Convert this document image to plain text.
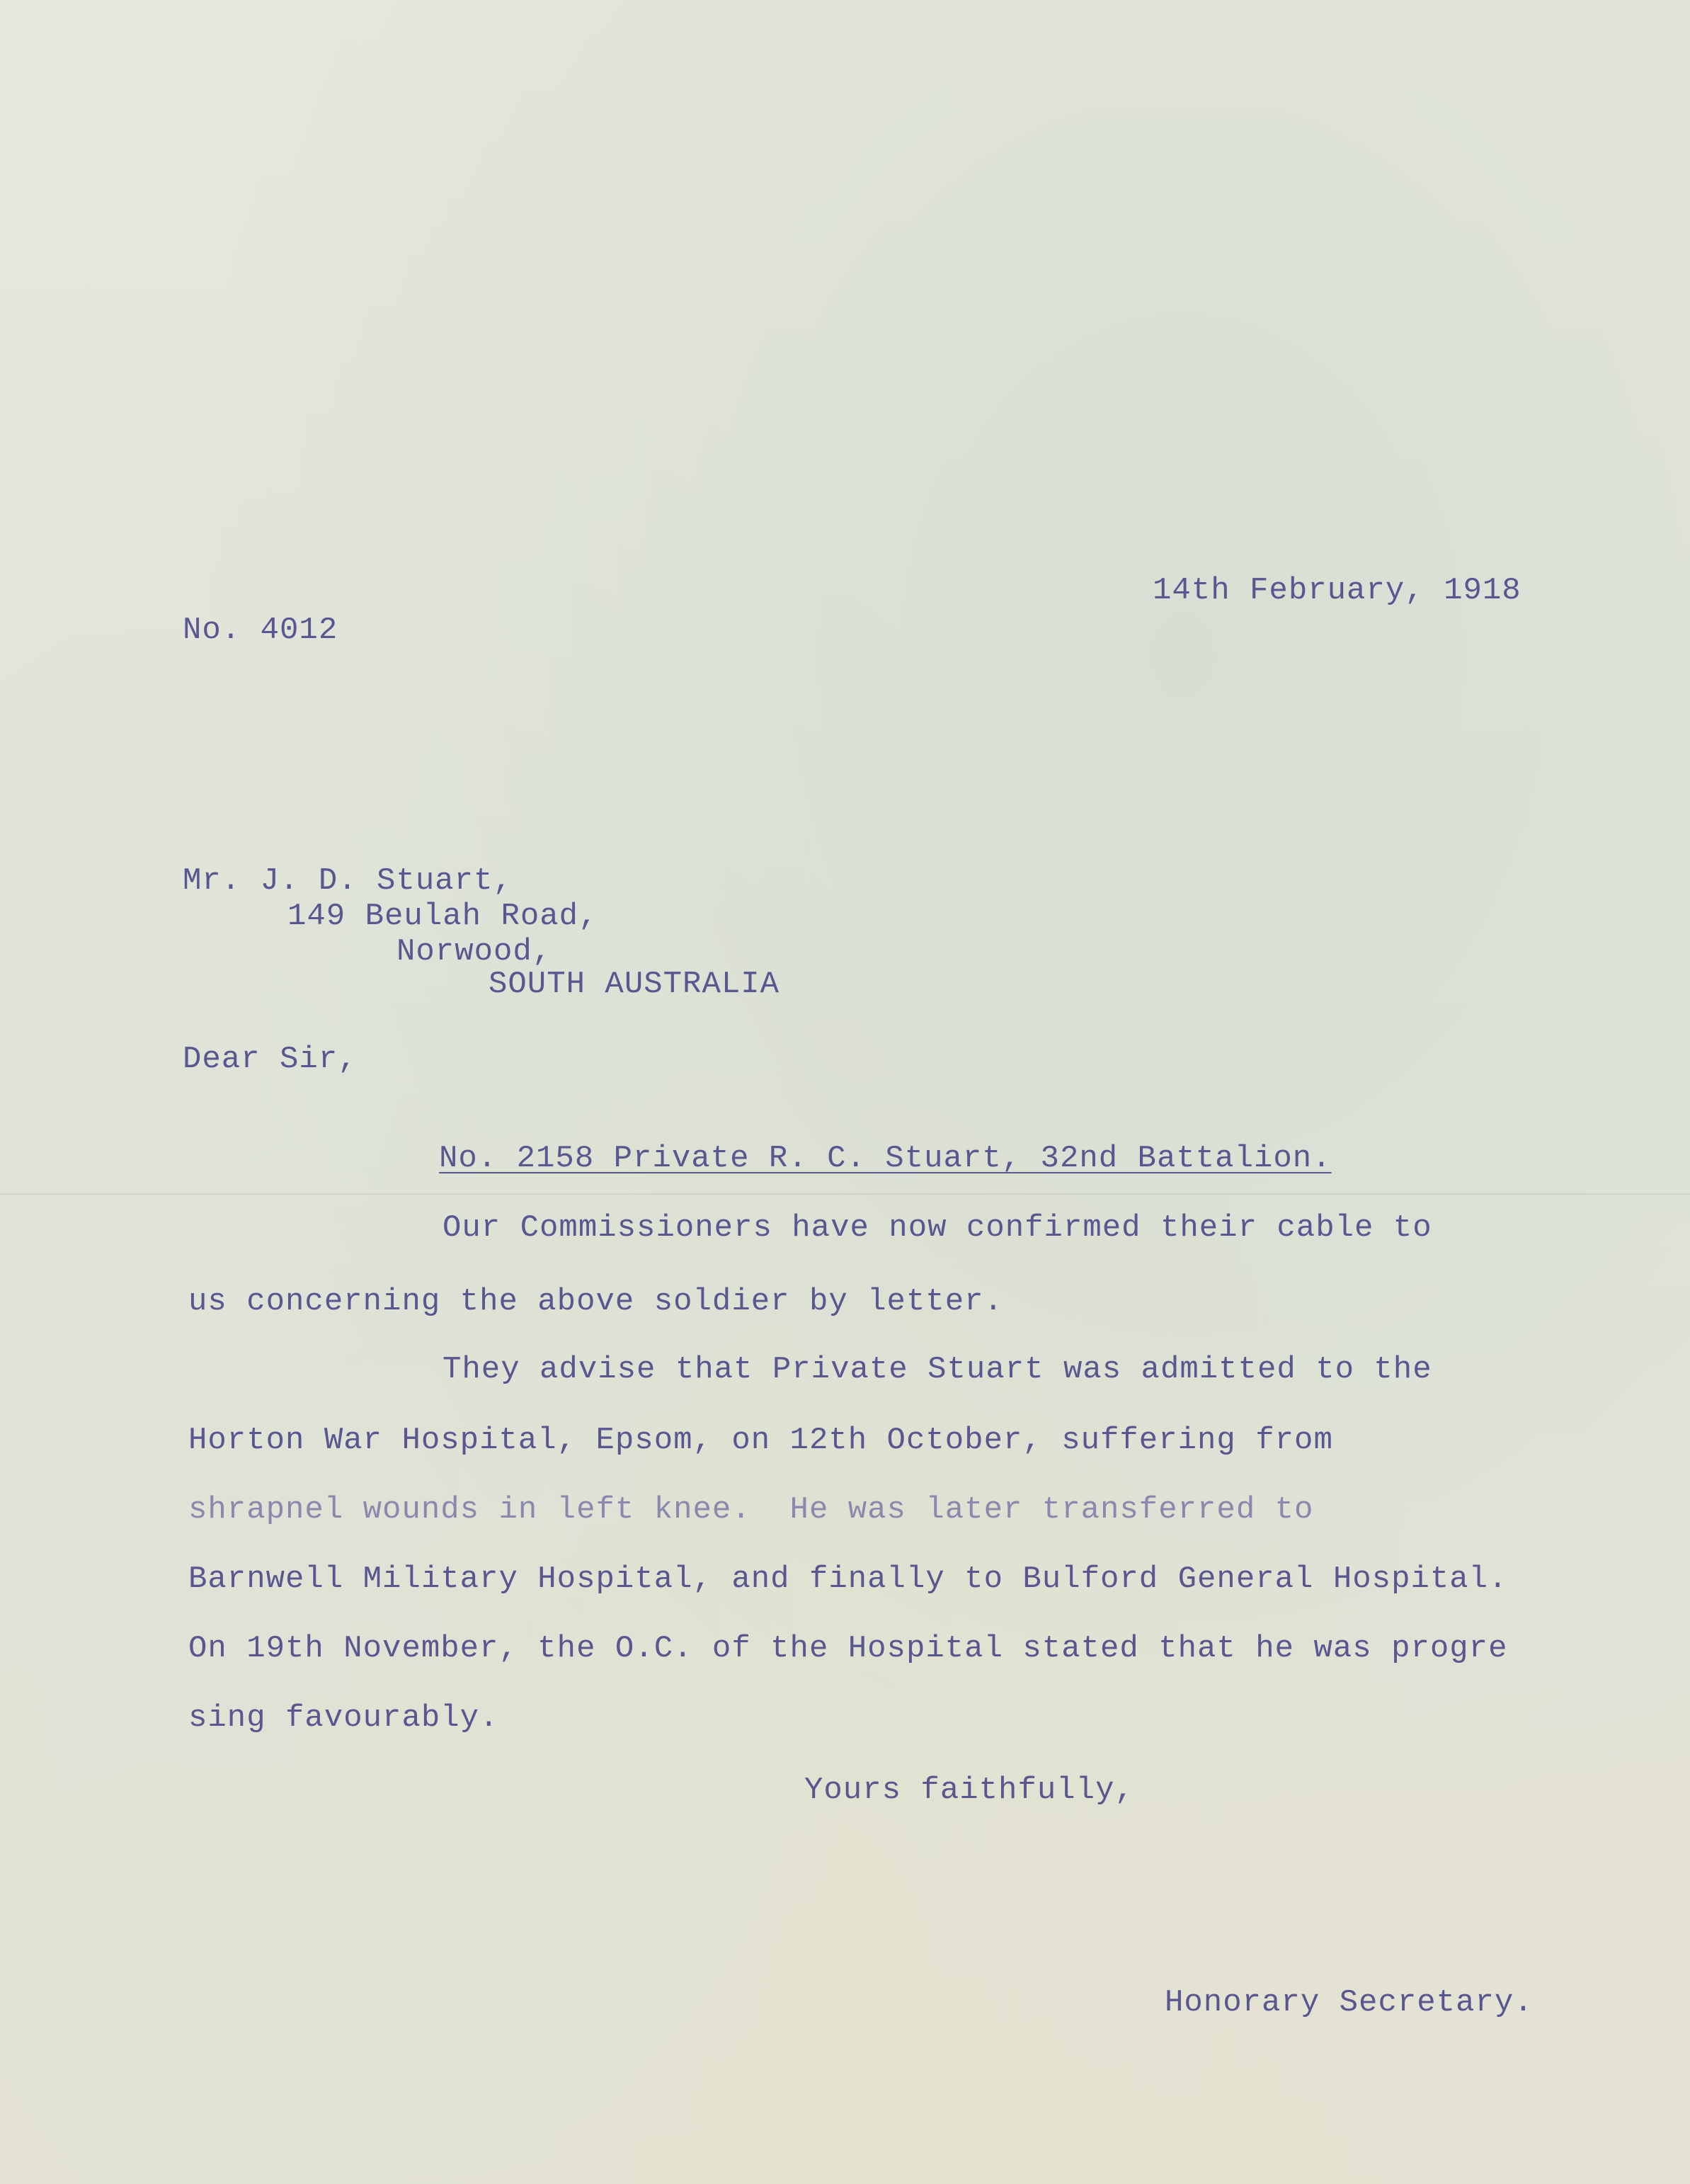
14th February, 1918
No. 4012
Mr. J. D. Stuart,
149 Beulah Road,
Norwood,
SOUTH AUSTRALIA
Dear Sir,
No. 2158 Private R. C. Stuart, 32nd Battalion.
Our Commissioners have now confirmed their cable to
us concerning the above soldier by letter.
They advise that Private Stuart was admitted to the
Horton War Hospital, Epsom, on 12th October, suffering from
shrapnel wounds in left knee.  He was later transferred to
Barnwell Military Hospital, and finally to Bulford General Hospital.
On 19th November, the O.C. of the Hospital stated that he was progre
sing favourably.
Yours faithfully,
Honorary Secretary.
